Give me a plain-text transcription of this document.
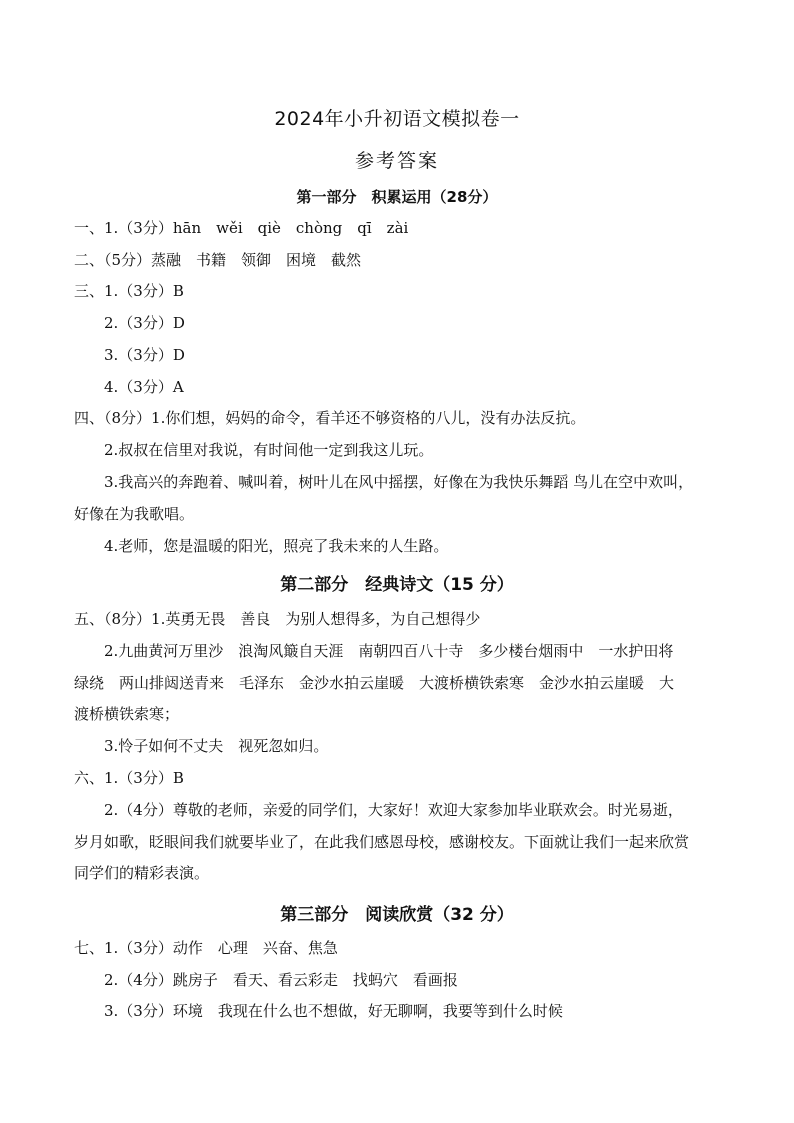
2024年小升初语文模拟卷一
参考答案
第一部分　积累运用（28分）
一、1.（3分）hān　wěi　qiè　chòng　qī　zài
二、（5分）蒸融　书籍　领御　困境　截然
三、1.（3分）B
2.（3分）D
3.（3分）D
4.（3分）A
四、（8分）1.你们想，妈妈的命令，看羊还不够资格的八儿，没有办法反抗。
2.叔叔在信里对我说，有时间他一定到我这儿玩。
3.我高兴的奔跑着、喊叫着，树叶儿在风中摇摆，好像在为我快乐舞蹈 鸟儿在空中欢叫，
好像在为我歌唱。
4.老师，您是温暖的阳光，照亮了我未来的人生路。
第二部分　经典诗文（15 分）
五、（8分）1.英勇无畏　善良　为别人想得多，为自己想得少
2.九曲黄河万里沙　浪淘风簸自天涯　南朝四百八十寺　多少楼台烟雨中　一水护田将
绿绕　两山排闼送青来　毛泽东　金沙水拍云崖暖　大渡桥横铁索寒　金沙水拍云崖暖　大
渡桥横铁索寒；
3.怜子如何不丈夫　视死忽如归。
六、1.（3分）B
2.（4分）尊敬的老师，亲爱的同学们，大家好！欢迎大家参加毕业联欢会。时光易逝，
岁月如歌，眨眼间我们就要毕业了，在此我们感恩母校，感谢校友。下面就让我们一起来欣赏
同学们的精彩表演。
第三部分　阅读欣赏（32 分）
七、1.（3分）动作　心理　兴奋、焦急
2.（4分）跳房子　看天、看云彩走　找蚂穴　看画报
3.（3分）环境　我现在什么也不想做，好无聊啊，我要等到什么时候
